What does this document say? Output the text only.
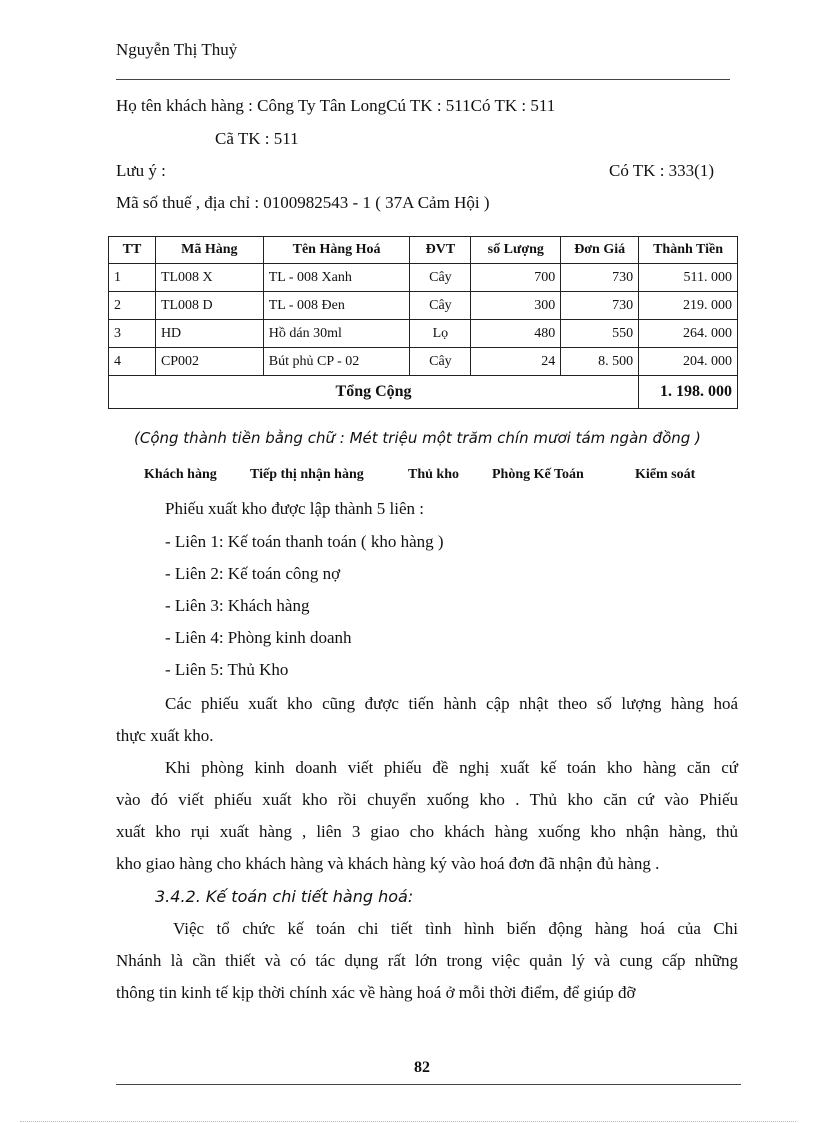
Nguyễn Thị Thuỷ
Họ tên khách hàng : Công Ty Tân LongCú TK : 511Có TK : 511
Cã TK : 511
Lưu ý :	Có TK : 333(1)
Mã số thuế , địa chỉ : 0100982543 - 1 ( 37A Cảm Hội )
TT	Mã Hàng	Tên Hàng Hoá	ĐVT	số Lượng	Đơn Giá	Thành Tiền
1	TL008 X	TL - 008 Xanh	Cây	700	730	511. 000
2	TL008 D	TL - 008 Đen	Cây	300	730	219. 000
3	HD	Hồ dán 30ml	Lọ	480	550	264. 000
4	CP002	Bút phủ CP - 02	Cây	24	8. 500	204. 000
Tổng Cộng						1. 198. 000
(Cộng thành tiền bằng chữ : Mét triệu một trăm chín mươi tám ngàn đồng )
Khách hàng Tiếp thị nhận hàng	Thủ kho Phòng Kế Toán	Kiểm soát
Phiếu xuất kho được lập thành 5 liên :
- Liên 1: Kế toán thanh toán ( kho hàng )
- Liên 2: Kế toán công nợ
- Liên 3: Khách hàng
- Liên 4: Phòng kinh doanh
- Liên 5: Thủ Kho
Các phiếu xuất kho cũng được tiến hành cập nhật theo số lượng hàng hoá
thực xuất kho.
Khi phòng kinh doanh viết phiếu đề nghị xuất kế toán kho hàng căn cứ
vào đó viết phiếu xuất kho rồi chuyển xuống kho . Thủ kho căn cứ vào Phiếu
xuất kho rụi xuất hàng , liên 3 giao cho khách hàng xuống kho nhận hàng, thủ
kho giao hàng cho khách hàng và khách hàng ký vào hoá đơn đã nhận đủ hàng .
3.4.2. Kế toán chi tiết hàng hoá:
Việc tổ chức kế toán chi tiết tình hình biến động hàng hoá của Chi
Nhánh là cần thiết và có tác dụng rất lớn trong việc quản lý và cung cấp những
thông tin kinh tế kịp thời chính xác về hàng hoá ở mỗi thời điểm, để giúp đỡ
82
